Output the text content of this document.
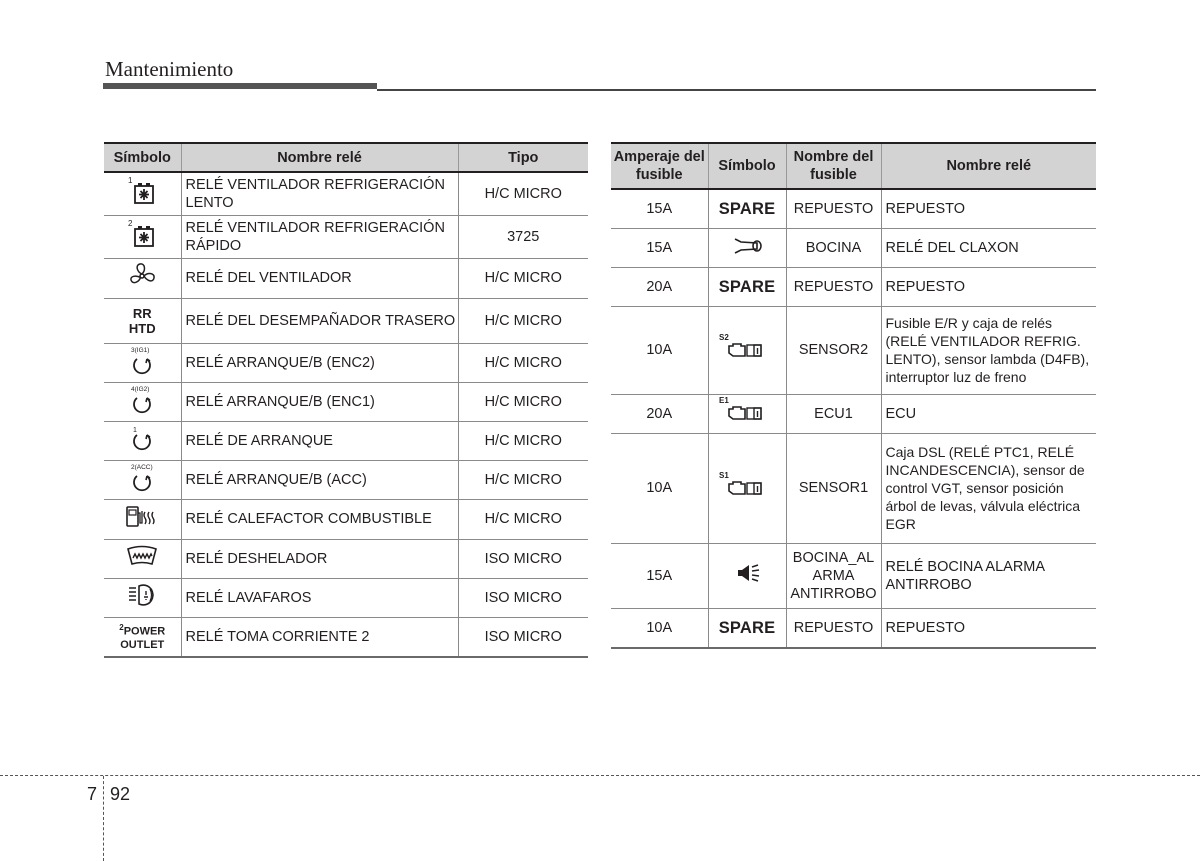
Mantenimiento
Símbolo	Nombre relé	Tipo

1	RELÉ VENTILADOR REFRIGERACIÓN LENTO	H/C MICRO

2	RELÉ VENTILADOR REFRIGERACIÓN RÁPIDO	3725

	RELÉ DEL VENTILADOR	H/C MICRO

RR
HTD	RELÉ DEL DESEMPAÑADOR TRASERO	H/C MICRO

3(IG1)	RELÉ ARRANQUE/B (ENC2)	H/C MICRO

4(IG2)	RELÉ ARRANQUE/B (ENC1)	H/C MICRO

1	RELÉ DE ARRANQUE	H/C MICRO

2(ACC)	RELÉ ARRANQUE/B (ACC)	H/C MICRO

	RELÉ CALEFACTOR COMBUSTIBLE	H/C MICRO

	RELÉ DESHELADOR	ISO MICRO

	RELÉ LAVAFAROS	ISO MICRO

$^2$POWER
OUTLET	RELÉ TOMA CORRIENTE 2	ISO MICRO
Amperaje del fusible	Símbolo	Nombre del fusible	Nombre relé
15A	SPARE	REPUESTO	REPUESTO
15A		BOCINA	RELÉ DEL CLAXON
20A	SPARE	REPUESTO	REPUESTO
10A	S2	SENSOR2	Fusible E/R y caja de relés (RELÉ VENTILADOR REFRIG. LENTO), sensor lambda (D4FB), interruptor luz de freno
20A	E1	ECU1	ECU
10A	S1	SENSOR1	Caja DSL (RELÉ PTC1, RELÉ INCANDESCENCIA), sensor de control VGT, sensor posición árbol de levas, válvula eléctrica EGR
15A		BOCINA_AL
ARMA
ANTIRROBO	RELÉ BOCINA ALARMA ANTIRROBO
10A	SPARE	REPUESTO	REPUESTO
7 92
